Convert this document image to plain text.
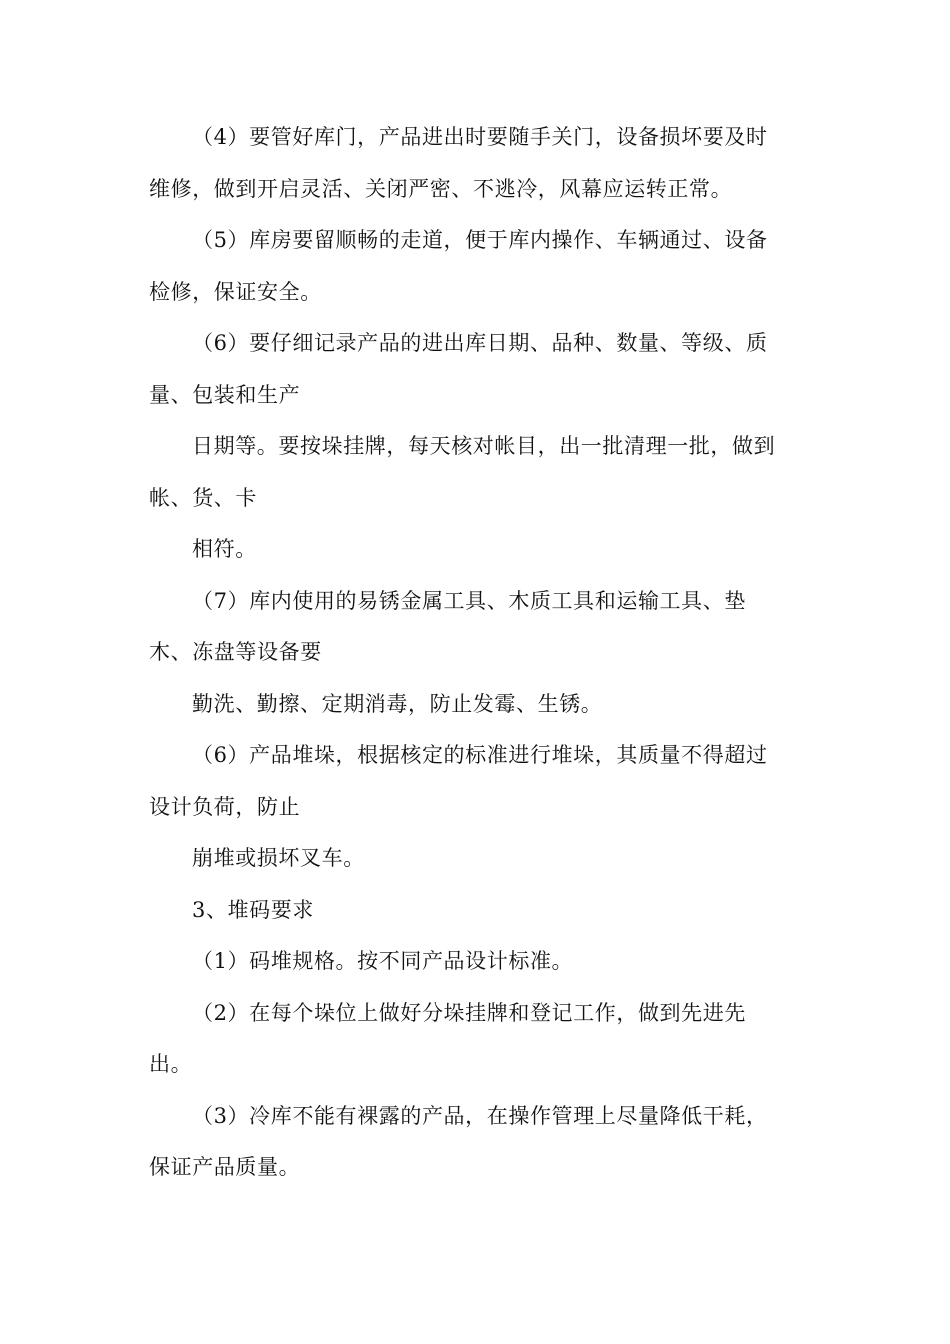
（4）要管好库门，产品进出时要随手关门，设备损坏要及时

维修，做到开启灵活、关闭严密、不逃冷，风幕应运转正常。

（5）库房要留顺畅的走道，便于库内操作、车辆通过、设备

检修，保证安全。

（6）要仔细记录产品的进出库日期、品种、数量、等级、质

量、包装和生产

日期等。要按垛挂牌，每天核对帐目，出一批清理一批，做到

帐、货、卡

相符。

（7）库内使用的易锈金属工具、木质工具和运输工具、垫

木、冻盘等设备要

勤洗、勤擦、定期消毒，防止发霉、生锈。

（6）产品堆垛，根据核定的标准进行堆垛，其质量不得超过

设计负荷，防止

崩堆或损坏叉车。

3、堆码要求

（1）码堆规格。按不同产品设计标准。

（2）在每个垛位上做好分垛挂牌和登记工作，做到先进先

出。

（3）冷库不能有裸露的产品，在操作管理上尽量降低干耗，

保证产品质量。
